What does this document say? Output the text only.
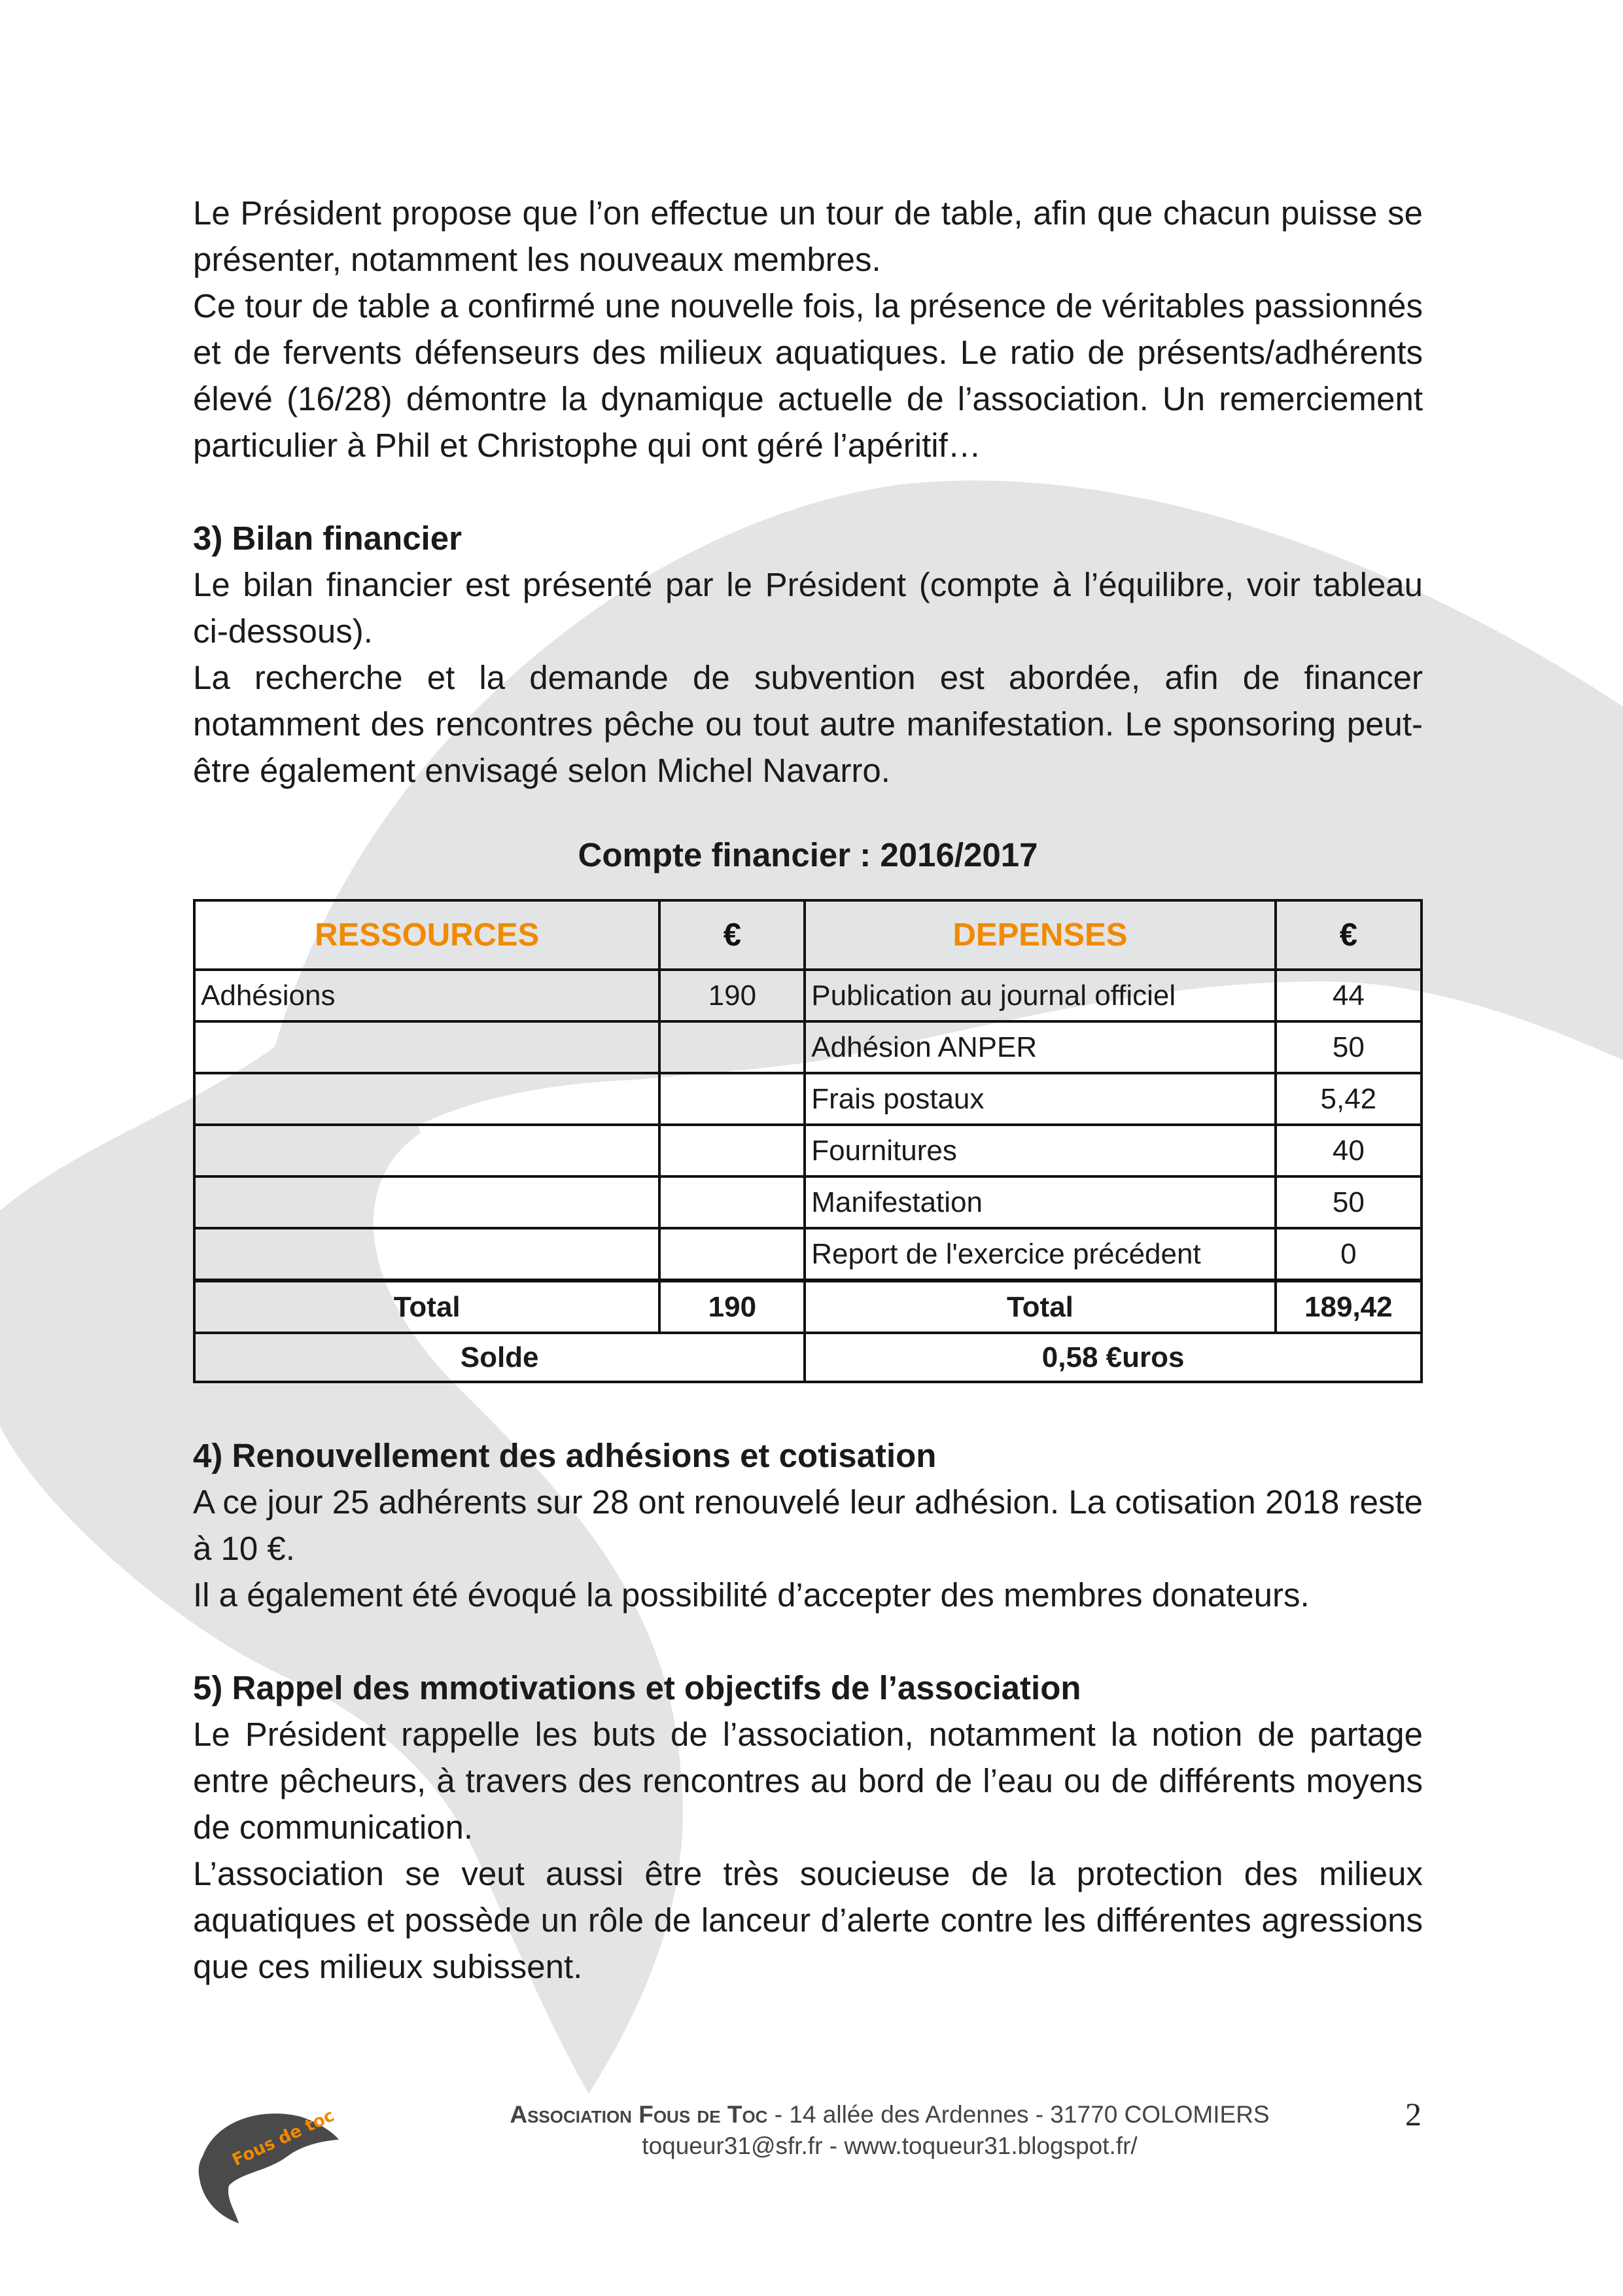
Le Président propose que l’on effectue un tour de table, afin que chacun puisse se présenter, notamment les nouveaux membres.

Ce tour de table a confirmé une nouvelle fois, la présence de véritables passionnés et de fervents défenseurs des milieux aquatiques. Le ratio de présents/adhérents élevé (16/28) démontre la dynamique actuelle de l’association. Un remerciement particulier à Phil et Christophe qui ont géré l’apéritif…

3) Bilan financier

Le bilan financier est présenté par le Président (compte à l’équilibre, voir tableau ci-dessous).

La recherche et la demande de subvention est abordée, afin de financer notamment des rencontres pêche ou tout autre manifestation. Le sponsoring peut-être également envisagé selon Michel Navarro.

Compte financier : 2016/2017
RESSOURCES	€	DEPENSES	€
Adhésions	190	Publication au journal officiel	44
		Adhésion ANPER	50
		Frais postaux	5,42
		Fournitures	40
		Manifestation	50
		Report de l'exercice précédent	0
Total	190	Total	189,42
Solde		0,58 €uros	

4) Renouvellement des adhésions et cotisation

A ce jour 25 adhérents sur 28 ont renouvelé leur adhésion. La cotisation 2018 reste à 10 €.

Il a également été évoqué la possibilité d’accepter des membres donateurs.

5) Rappel des mmotivations et objectifs de l’association

Le Président rappelle les buts de l’association, notamment la notion de partage entre pêcheurs, à travers des rencontres au bord de l’eau ou de différents moyens de communication.

L’association se veut aussi être très soucieuse de la protection des milieux aquatiques et possède un rôle de lanceur d’alerte contre les différentes agressions que ces milieux subissent.

Fous de toc	Association Fous de Toc - 14 allée des Ardennes - 31770 COLOMIERS
toqueur31@sfr.fr - www.toqueur31.blogspot.fr/
2
